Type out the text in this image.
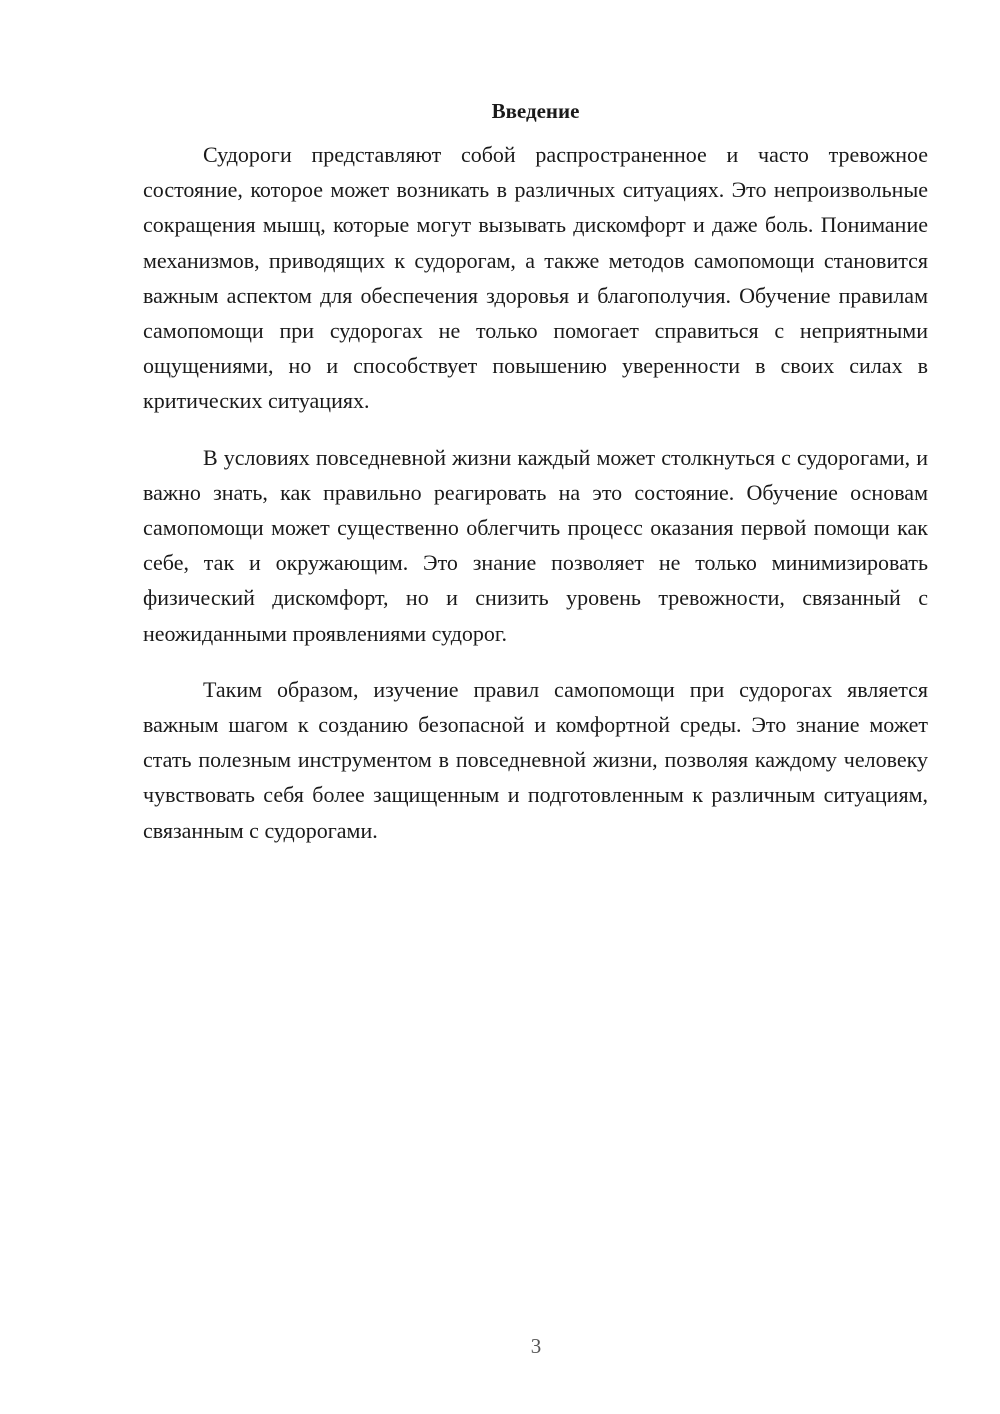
Введение

Судороги представляют собой распространенное и часто тревожное состояние, которое может возникать в различных ситуациях. Это непроизвольные сокращения мышц, которые могут вызывать дискомфорт и даже боль. Понимание механизмов, приводящих к судорогам, а также методов самопомощи становится важным аспектом для обеспечения здоровья и благополучия. Обучение правилам самопомощи при судорогах не только помогает справиться с неприятными ощущениями, но и способствует повышению уверенности в своих силах в критических ситуациях.

В условиях повседневной жизни каждый может столкнуться с судорогами, и важно знать, как правильно реагировать на это состояние. Обучение основам самопомощи может существенно облегчить процесс оказания первой помощи как себе, так и окружающим. Это знание позволяет не только минимизировать физический дискомфорт, но и снизить уровень тревожности, связанный с неожиданными проявлениями судорог.

Таким образом, изучение правил самопомощи при судорогах является важным шагом к созданию безопасной и комфортной среды. Это знание может стать полезным инструментом в повседневной жизни, позволяя каждому человеку чувствовать себя более защищенным и подготовленным к различным ситуациям, связанным с судорогами.

3
